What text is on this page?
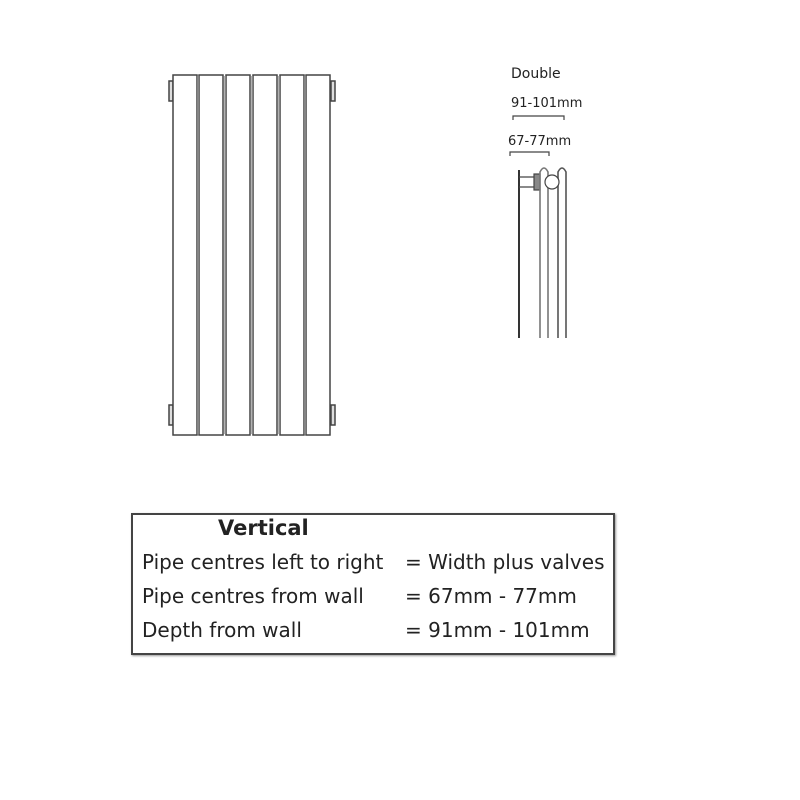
Double
91-101mm
67-77mm
Vertical
Pipe centres left to right = Width plus valves
Pipe centres from wall = 67mm - 77mm
Depth from wall	= 91mm - 101mm
